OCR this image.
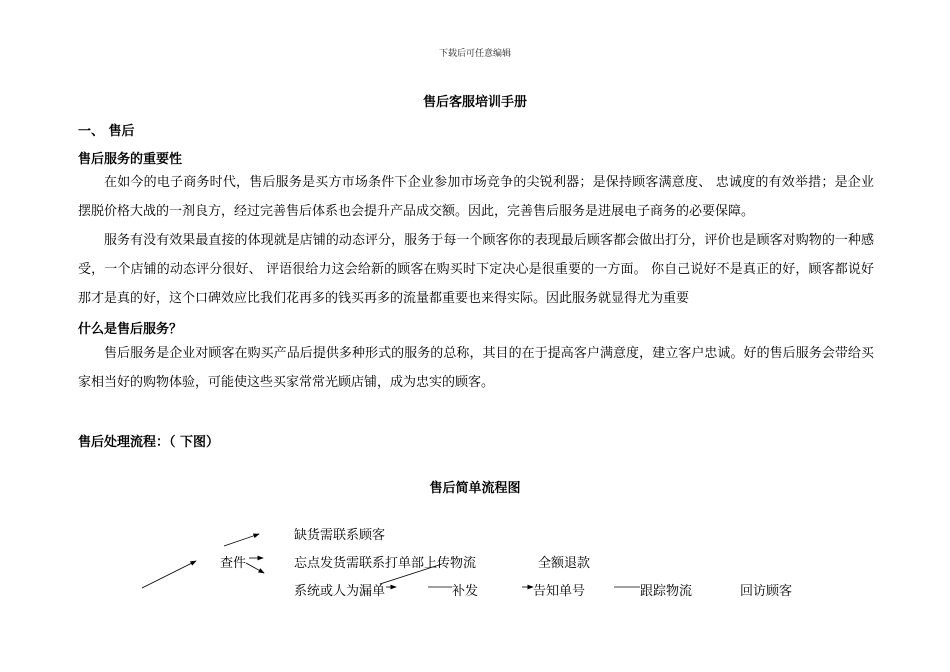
下载后可任意编辑
售后客服培训手册
一、 售后
售后服务的重要性

在如今的电子商务时代，售后服务是买方市场条件下企业参加市场竞争的尖锐利器；是保持顾客满意度、 忠诚度的有效举措；是企业摆脱价格大战的一剂良方，经过完善售后体系也会提升产品成交额。因此，完善售后服务是进展电子商务的必要保障。

服务有没有效果最直接的体现就是店铺的动态评分，服务于每一个顾客你的表现最后顾客都会做出打分，评价也是顾客对购物的一种感受，一个店铺的动态评分很好、 评语很给力这会给新的顾客在购买时下定决心是很重要的一方面。 你自己说好不是真正的好，顾客都说好那才是真的好，这个口碑效应比我们花再多的钱买再多的流量都重要也来得实际。因此服务就显得尤为重要

什么是售后服务？

售后服务是企业对顾客在购买产品后提供多种形式的服务的总称，其目的在于提高客户满意度，建立客户忠诚。好的售后服务会带给买家相当好的购物体验，可能使这些买家常常光顾店铺，成为忠实的顾客。

售后处理流程：（ 下图）
售后简单流程图
缺货需联系顾客
查件	忘点发货需联系打单部上传物流	全额退款
系统或人为漏单	补发	告知单号	跟踪物流	回访顾客
